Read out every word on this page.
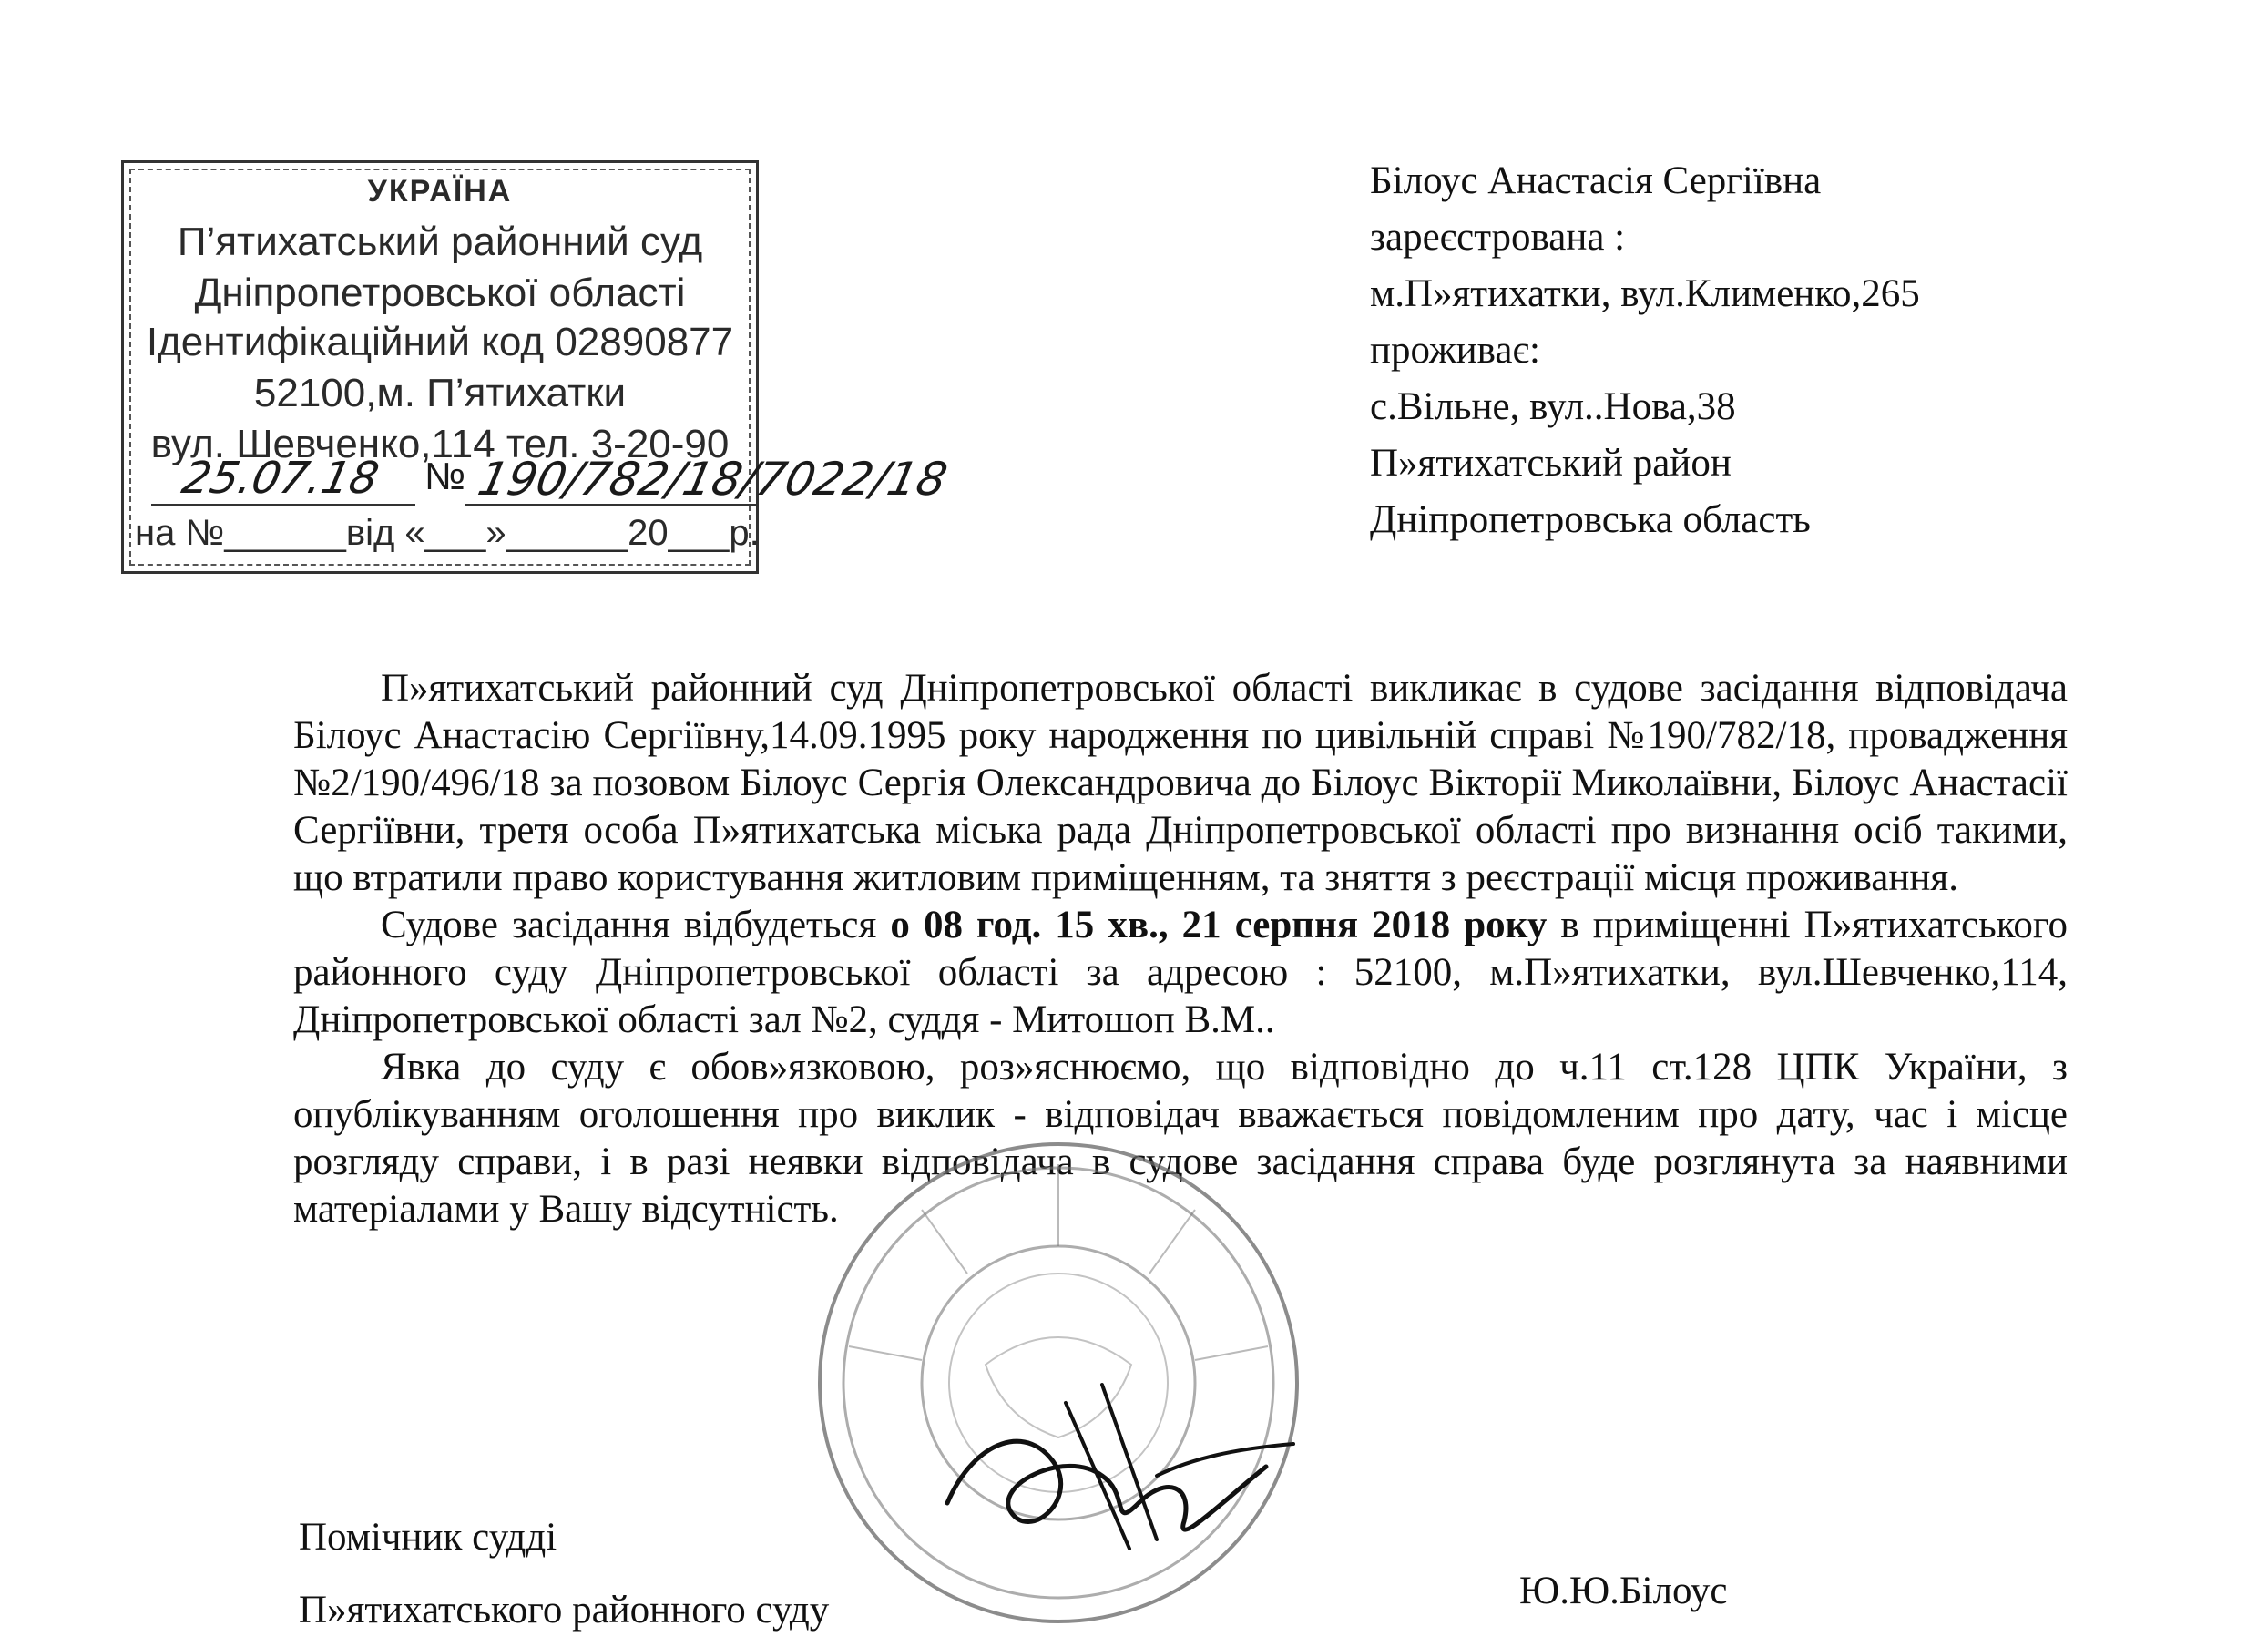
УКРАЇНА
П’ятихатський районний суд
Дніпропетровської області
Ідентифікаційний код 02890877
52100,м. П’ятихатки
вул. Шевченко,114 тел. 3-20-90
25.07.18 № 190/782/18/7022/18
на №______від «___»______20___р.
Білоус Анастасія Сергіївна
зареєстрована :
м.П»ятихатки, вул.Клименко,265
проживає:
с.Вільне, вул..Нова,38
П»ятихатський район
Дніпропетровська область

П»ятихатський районний суд Дніпропетровської області викликає в судове засідання відповідача Білоус Анастасію Сергіївну,14.09.1995 року народження по цивільній справі №190/782/18, провадження №2/190/496/18 за позовом Білоус Сергія Олександровича до Білоус Вікторії Миколаївни, Білоус Анастасії Сергіївни, третя особа П»ятихатська міська рада Дніпропетровської області про визнання осіб такими, що втратили право користування житловим приміщенням, та зняття з реєстрації місця проживання.

Судове засідання відбудеться о 08 год. 15 хв., 21 серпня 2018 року в приміщенні П»ятихатського районного суду Дніпропетровської області за адресою : 52100, м.П»ятихатки, вул.Шевченко,114, Дніпропетровської області зал №2, суддя - Митошоп В.М..

Явка до суду є обов»язковою, роз»яснюємо, що відповідно до ч.11 ст.128 ЦПК України, з опублікуванням оголошення про виклик - відповідач вважається повідомленим про дату, час і місце розгляду справи, і в разі неявки відповідача в судове засідання справа буде розглянута за наявними матеріалами у Вашу відсутність.

Помічник судді
П»ятихатського районного суду	Ю.Ю.Білоус
